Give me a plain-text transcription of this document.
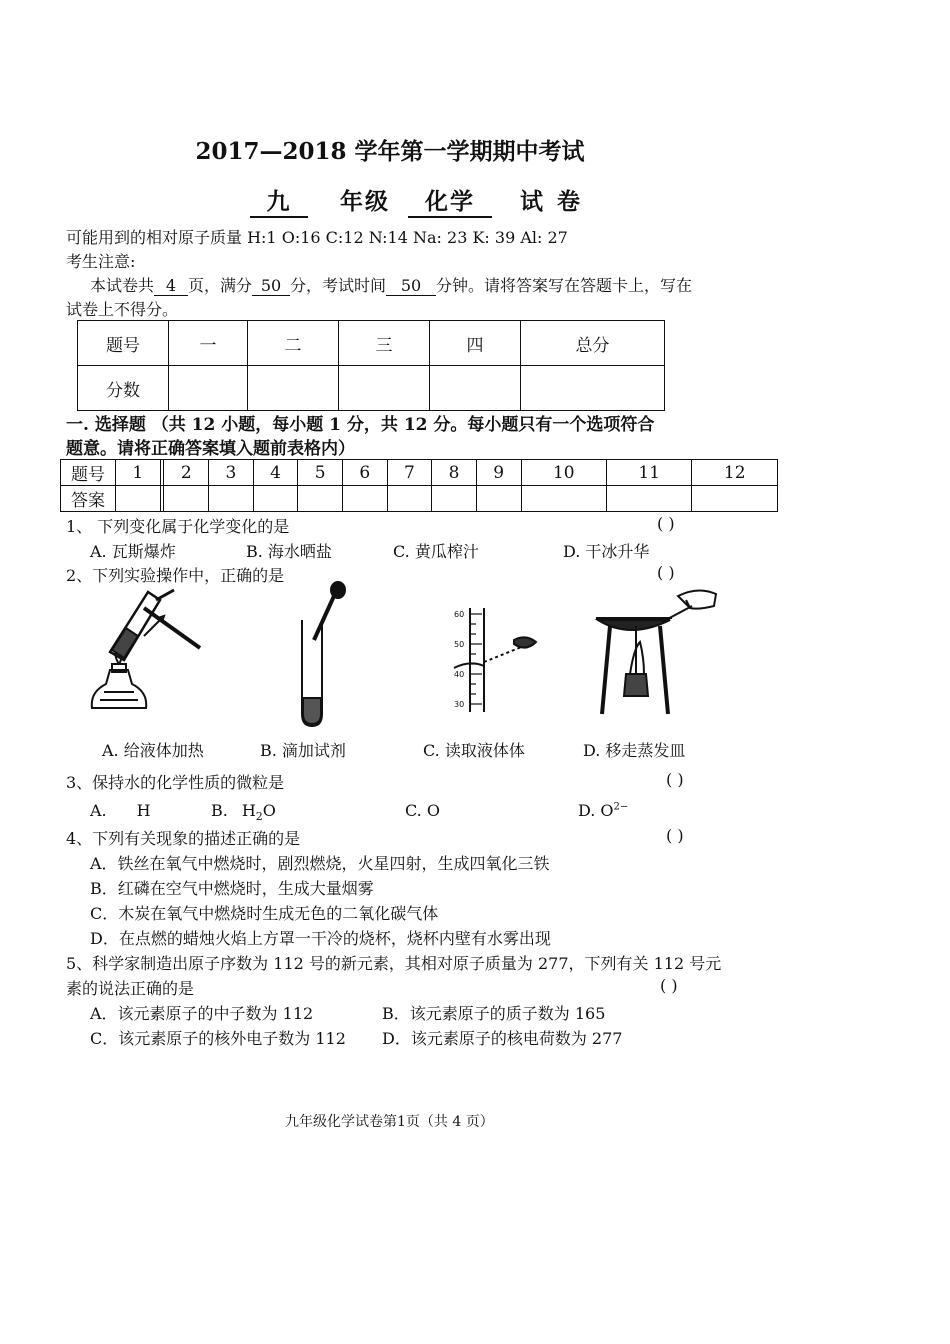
2017—2018 学年第一学期期中考试
九 年级 化学 试卷
可能用到的相对原子质量 H:1 O:16 C:12 N:14 Na: 23 K: 39 Al: 27
考生注意:
本试卷共 4 页，满分 50 分，考试时间 50 分钟。请将答案写在答题卡上，写在
试卷上不得分。
题号	一	二	三	四	总分
分数					
一. 选择题 （共 12 小题，每小题 1 分，共 12 分。每小题只有一个选项符合
题意。请将正确答案填入题前表格内）
题号	1		2	3	4	5	6	7	8	9	10	11	12
答案													
1、 下列变化属于化学变化的是	( )
A. 瓦斯爆炸	B. 海水晒盐	C. 黄瓜榨汁	D. 干冰升华
2、下列实验操作中，正确的是	( )
60
50
40
30
A. 给液体加热	B. 滴加试剂	C. 读取液体体	D. 移走蒸发皿
3、保持水的化学性质的微粒是	( )
A. H	B. $H_2O$	C. O	D. $O^{2-}$
4、下列有关现象的描述正确的是	( )
A．铁丝在氧气中燃烧时，剧烈燃烧，火星四射，生成四氧化三铁
B．红磷在空气中燃烧时，生成大量烟雾
C．木炭在氧气中燃烧时生成无色的二氧化碳气体
D．在点燃的蜡烛火焰上方罩一干冷的烧杯，烧杯内壁有水雾出现
5、科学家制造出原子序数为 112 号的新元素，其相对原子质量为 277，下列有关 112 号元
素的说法正确的是	( )
A．该元素原子的中子数为 112	B．该元素原子的质子数为 165
C．该元素原子的核外电子数为 112 D．该元素原子的核电荷数为 277
九年级化学试卷第1页（共 4 页）
